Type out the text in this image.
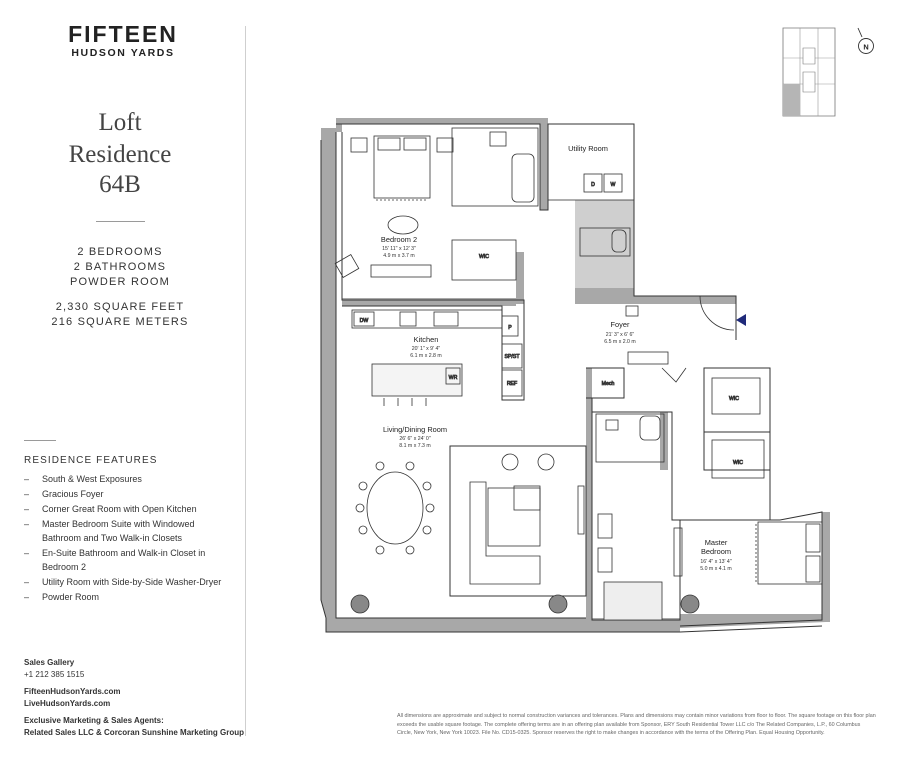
FIFTEEN
HUDSON YARDS
Loft
Residence
64B
2 BEDROOMS
2 BATHROOMS
POWDER ROOM
2,330 SQUARE FEET
216 SQUARE METERS
RESIDENCE FEATURES
– South & West Exposures
– Gracious Foyer
– Corner Great Room with Open Kitchen
– Master Bedroom Suite with Windowed Bathroom and Two Walk-in Closets
– En-Suite Bathroom and Walk-in Closet in Bedroom 2
– Utility Room with Side-by-Side Washer-Dryer
– Powder Room
Sales Gallery
+1 212 385 1515
FifteenHudsonYards.com
LiveHudsonYards.com
Exclusive Marketing & Sales Agents:
Related Sales LLC & Corcoran Sunshine Marketing Group
N
WIC
D	W
DW
P
SP/ST
REF
WR
Mech
WIC
WIC
Bedroom 2
15' 11" x 12' 3"
4.9 m x 3.7 m
Kitchen
20' 1" x 9' 4"
6.1 m x 2.8 m
Living/Dining Room
26' 6" x 24' 0"
8.1 m x 7.3 m
Foyer
21' 3" x 6' 6"
6.5 m x 2.0 m
Utility Room
Master
Bedroom
16' 4" x 13' 4"
5.0 m x 4.1 m
All dimensions are approximate and subject to normal construction variances and tolerances. Plans and dimensions may contain minor variations from floor to floor. The square footage on this floor plan exceeds the usable square footage. The complete offering terms are in an offering plan available from Sponsor, ERY South Residential Tower LLC c/o The Related Companies, L.P., 60 Columbus Circle, New York, New York 10023. File No. CD15-0325. Sponsor reserves the right to make changes in accordance with the terms of the Offering Plan. Equal Housing Opportunity.
